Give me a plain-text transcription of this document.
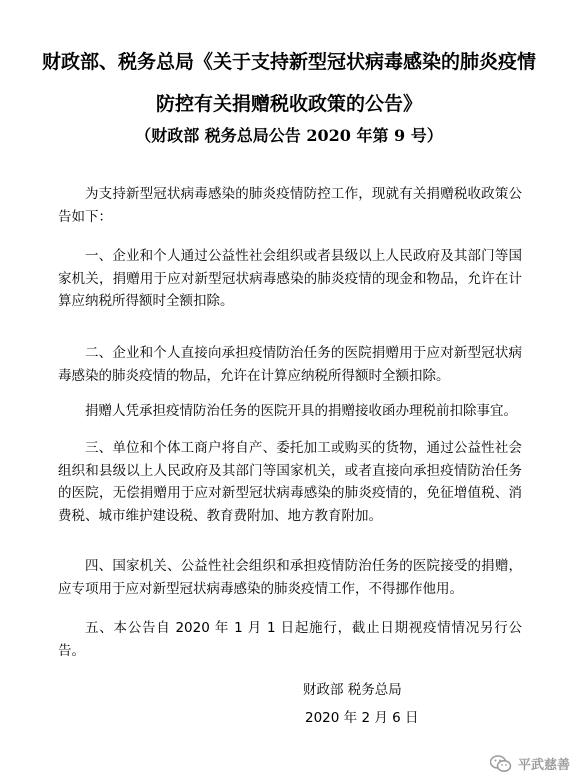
财政部、税务总局《关于支持新型冠状病毒感染的肺炎疫情
防控有关捐赠税收政策的公告》
（财政部 税务总局公告 2020 年第 9 号）

为支持新型冠状病毒感染的肺炎疫情防控工作，现就有关捐赠税收政策公告如下：

一、企业和个人通过公益性社会组织或者县级以上人民政府及其部门等国家机关，捐赠用于应对新型冠状病毒感染的肺炎疫情的现金和物品，允许在计算应纳税所得额时全额扣除。

二、企业和个人直接向承担疫情防治任务的医院捐赠用于应对新型冠状病毒感染的肺炎疫情的物品，允许在计算应纳税所得额时全额扣除。

捐赠人凭承担疫情防治任务的医院开具的捐赠接收函办理税前扣除事宜。

三、单位和个体工商户将自产、委托加工或购买的货物，通过公益性社会组织和县级以上人民政府及其部门等国家机关，或者直接向承担疫情防治任务的医院，无偿捐赠用于应对新型冠状病毒感染的肺炎疫情的，免征增值税、消费税、城市维护建设税、教育费附加、地方教育附加。

四、国家机关、公益性社会组织和承担疫情防治任务的医院接受的捐赠，应专项用于应对新型冠状病毒感染的肺炎疫情工作，不得挪作他用。

五、本公告自 2020 年 1 月 1 日起施行，截止日期视疫情情况另行公告。

财政部 税务总局
2020 年 2 月 6 日
平武慈善
